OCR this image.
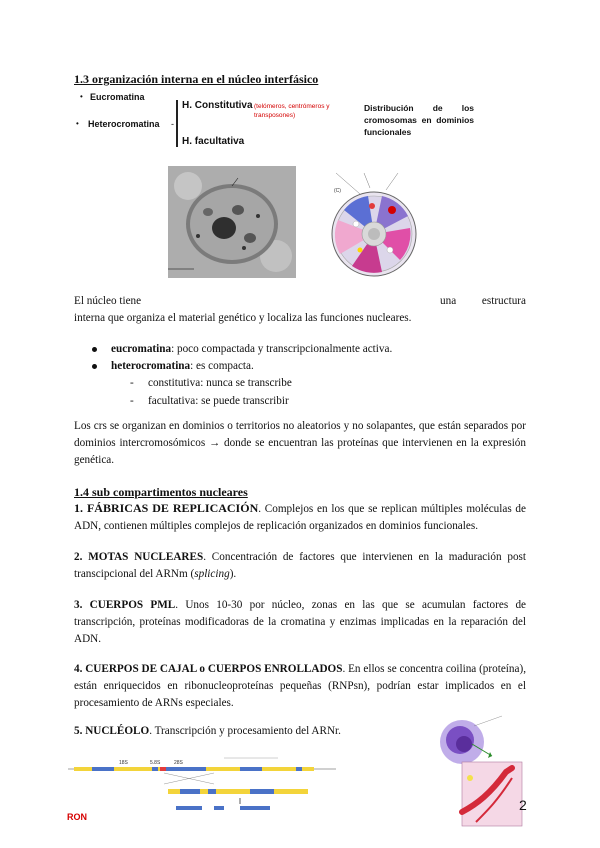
1.3 organización interna en el núcleo interfásico
• Eucromatina
• Heterocromatina -
H. Constitutiva (telómeros, centrómeros y transposones)
H. facultativa
Distribución de los cromosomas en dominios funcionales
(C)
El núcleo tiene	una estructura
interna que organiza el material genético y localiza las funciones nucleares.
eucromatina: poco compactada y transcripcionalmente activa.
heterocromatina: es compacta.
- constitutiva: nunca se transcribe
- facultativa: se puede transcribir
Los crs se organizan en dominios o territorios no aleatorios y no solapantes, que están separados por dominios intercromosómicos → donde se encuentran las proteínas que intervienen en la expresión genética.
1.4 sub compartimentos nucleares
1. FÁBRICAS DE REPLICACIÓN. Complejos en los que se replican múltiples moléculas de ADN, contienen múltiples complejos de replicación organizados en dominios funcionales.
2. MOTAS NUCLEARES. Concentración de factores que intervienen en la maduración post transcipcional del ARNm (splicing).
3. CUERPOS PML. Unos 10-30 por núcleo, zonas en las que se acumulan factores de transcripción, proteínas modificadoras de la cromatina y enzimas implicadas en la reparación del ADN.
4. CUERPOS DE CAJAL o CUERPOS ENROLLADOS. En ellos se concentra coilina (proteína), están enriquecidos en ribonucleoproteínas pequeñas (RNPsn), podrían estar implicados en el procesamiento de ARNs especiales.
5. NUCLÉOLO. Transcripción y procesamiento del ARNr.
18S	5.8S	28S
RON
2
